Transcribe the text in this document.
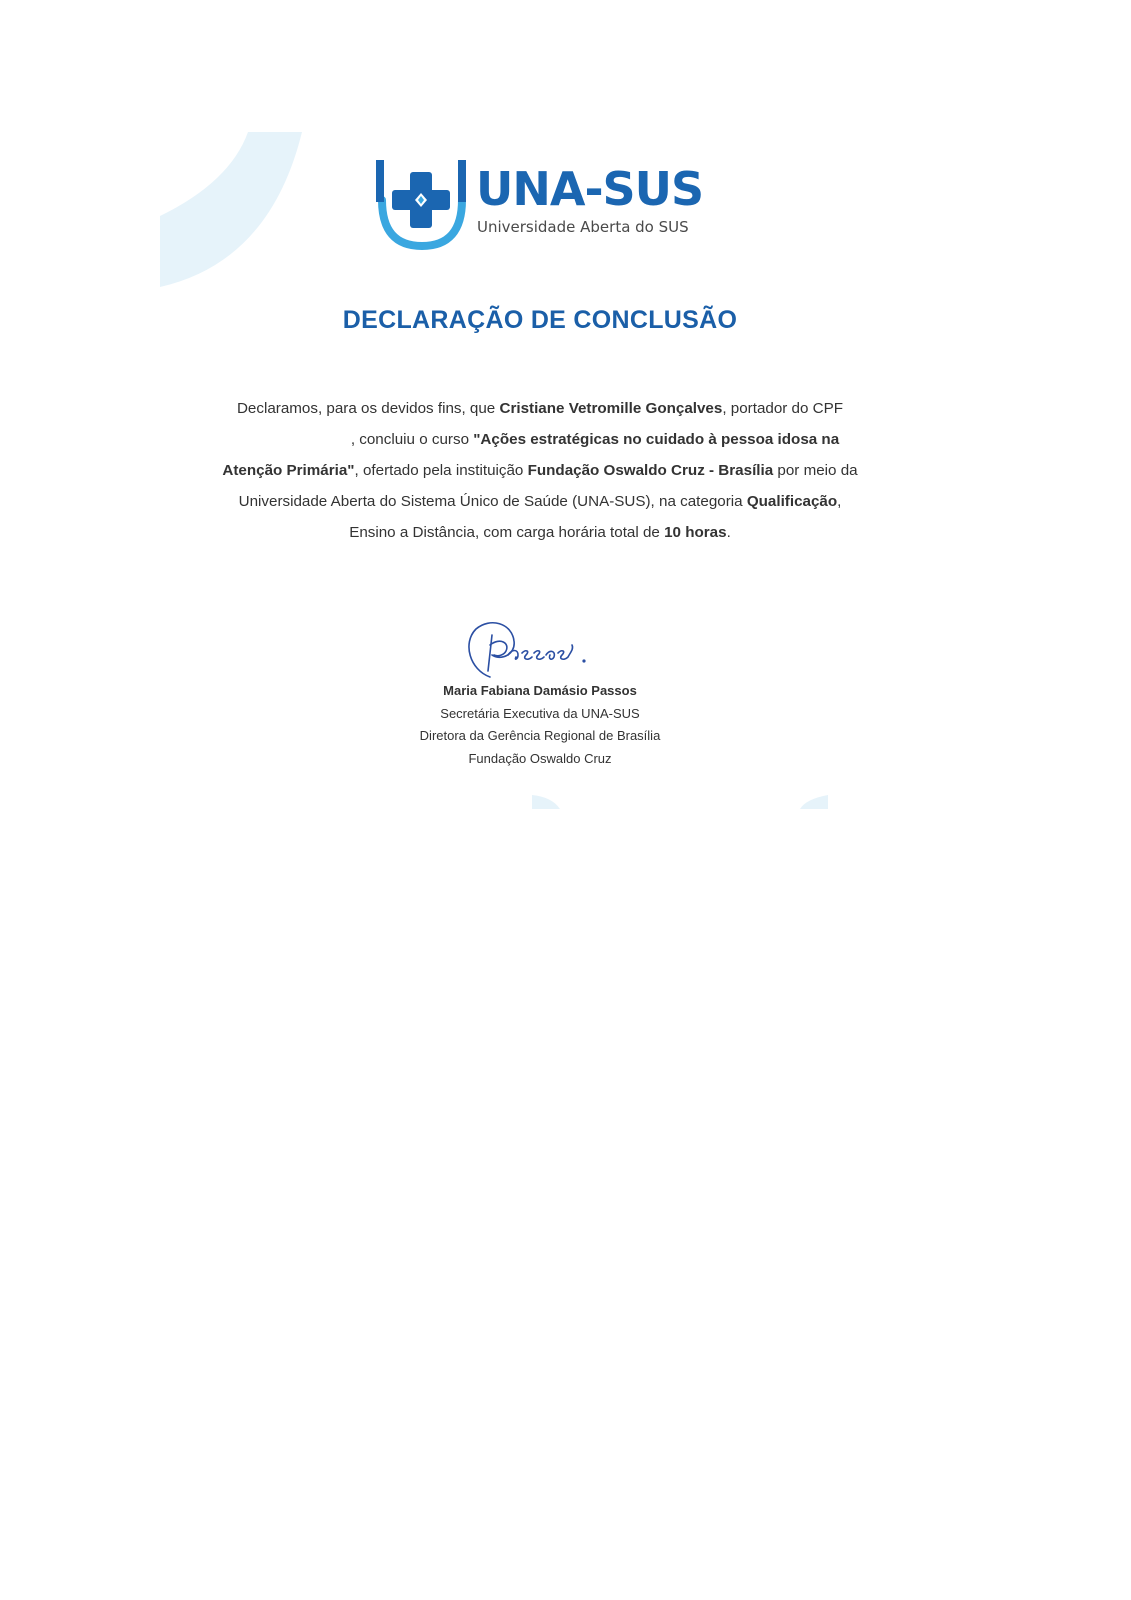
UNA-SUS
Universidade Aberta do SUS
DECLARAÇÃO DE CONCLUSÃO

Declaramos, para os devidos fins, que Cristiane Vetromille Gonçalves, portador do CPF , concluiu o curso "Ações estratégicas no cuidado à pessoa idosa na Atenção Primária", ofertado pela instituição Fundação Oswaldo Cruz - Brasília por meio da Universidade Aberta do Sistema Único de Saúde (UNA-SUS), na categoria Qualificação, Ensino a Distância, com carga horária total de 10 horas.

Maria Fabiana Damásio Passos
Secretária Executiva da UNA-SUS
Diretora da Gerência Regional de Brasília
Fundação Oswaldo Cruz
